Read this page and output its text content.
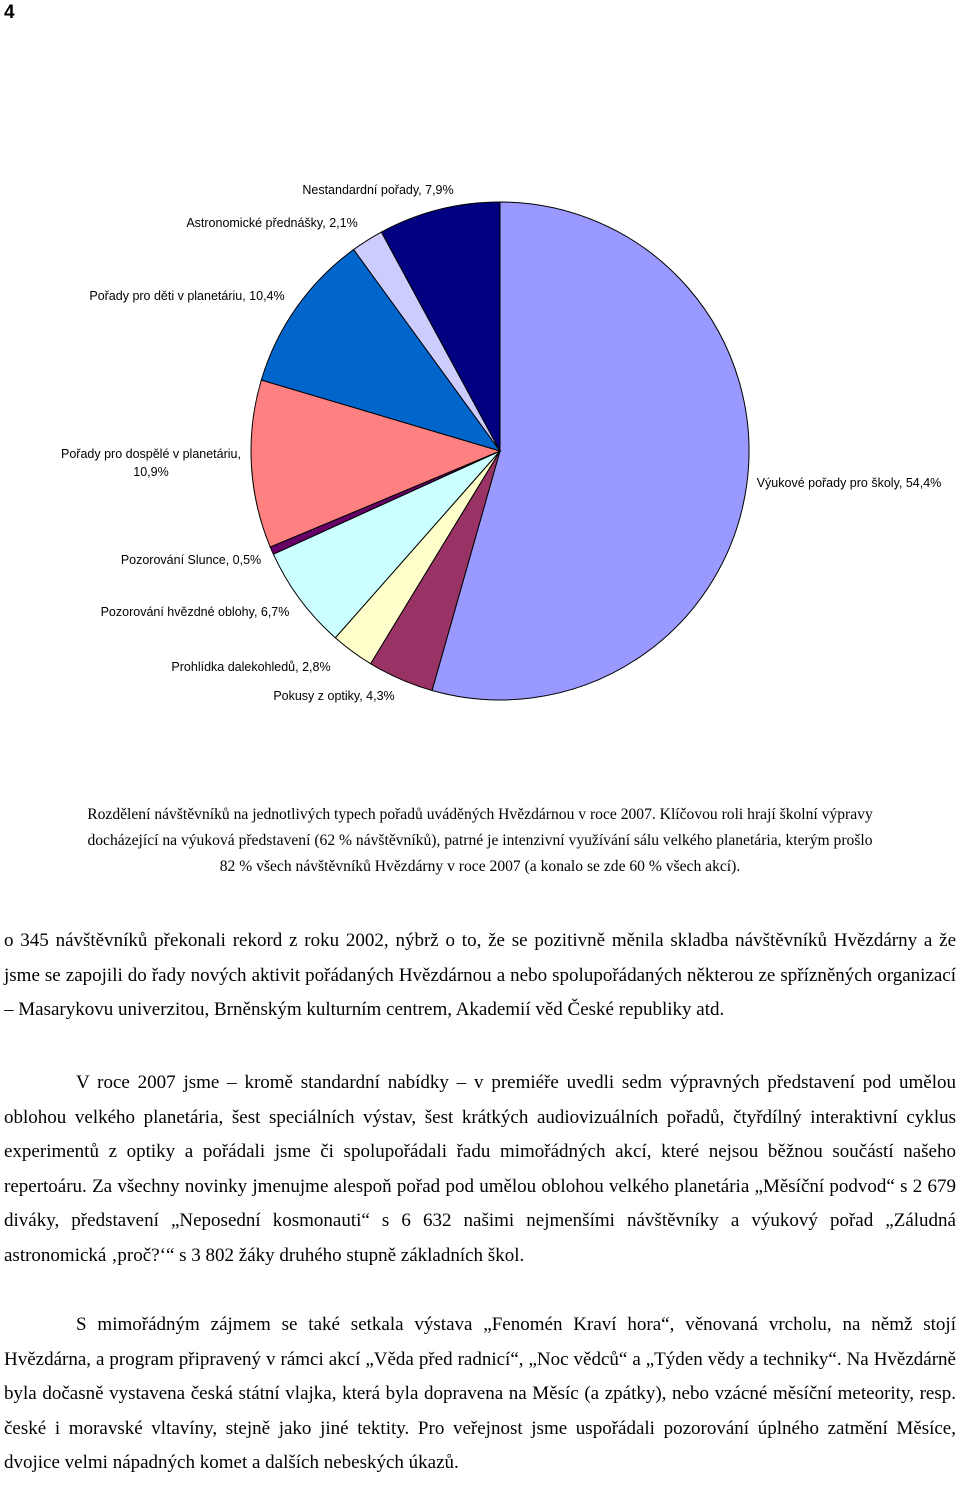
4
Nestandardní pořady, 7,9%
Astronomické přednášky, 2,1%
Pořady pro děti v planetáriu, 10,4%
Pořady pro dospělé v planetáriu,
10,9%
Výukové pořady pro školy, 54,4%
Pozorování Slunce, 0,5%
Pozorování hvězdné oblohy, 6,7%
Prohlídka dalekohledů, 2,8%
Pokusy z optiky, 4,3%
Rozdělení návštěvníků na jednotlivých typech pořadů uváděných Hvězdárnou v roce 2007. Klíčovou roli hrají školní výpravy
docházející na výuková představení (62 % návštěvníků), patrné je intenzivní využívání sálu velkého planetária, kterým prošlo
82 % všech návštěvníků Hvězdárny v roce 2007 (a konalo se zde 60 % všech akcí).

o 345 návštěvníků překonali rekord z roku 2002, nýbrž o to, že se pozitivně měnila skladba návštěvníků Hvězdárny a že jsme se zapojili do řady nových aktivit pořádaných Hvězdárnou a nebo spolupořádaných některou ze spřízněných organizací – Masarykovu univerzitou, Brněnským kulturním centrem, Akademií věd České republiky atd.

V roce 2007 jsme – kromě standardní nabídky – v premiéře uvedli sedm výpravných představení pod umělou oblohou velkého planetária, šest speciálních výstav, šest krátkých audiovizuálních pořadů, čtyřdílný interaktivní cyklus experimentů z optiky a pořádali jsme či spolupořádali řadu mimořádných akcí, které nejsou běžnou součástí našeho repertoáru. Za všechny novinky jmenujme alespoň pořad pod umělou oblohou velkého planetária „Měsíční podvod“ s 2 679 diváky, představení „Neposední kosmonauti“ s 6 632 našimi nejmenšími návštěvníky a výukový pořad „Záludná astronomická ‚proč?‘“ s 3 802 žáky druhého stupně základních škol.

S mimořádným zájmem se také setkala výstava „Fenomén Kraví hora“, věnovaná vrcholu, na němž stojí Hvězdárna, a program připravený v rámci akcí „Věda před radnicí“, „Noc vědců“ a „Týden vědy a techniky“. Na Hvězdárně byla dočasně vystavena česká státní vlajka, která byla dopravena na Měsíc (a zpátky), nebo vzácné měsíční meteority, resp. české i moravské vltavíny, stejně jako jiné tektity. Pro veřejnost jsme uspořádali pozorování úplného zatmění Měsíce, dvojice velmi nápadných komet a dalších nebeských úkazů.
